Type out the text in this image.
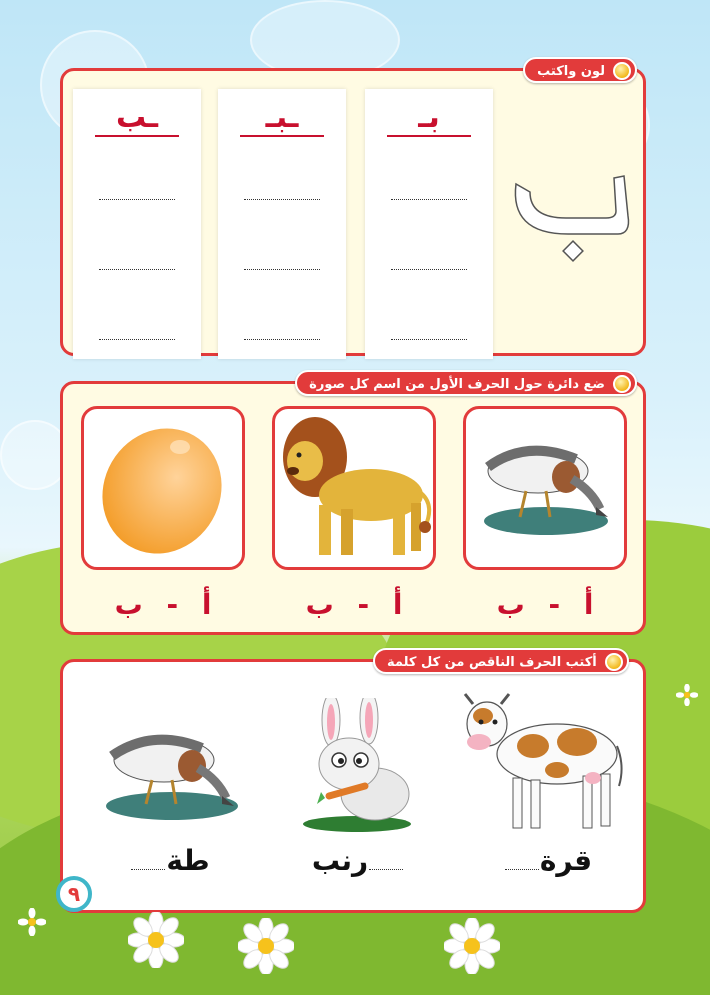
لون واكتب
ـب	ـبـ	بـ
ضع دائرة حول الحرف الأول من اسم كل صورة
أ - ب	أ - ب	أ - ب
أكتب الحرف الناقص من كل كلمة
طة	رنب	قرة
٩
